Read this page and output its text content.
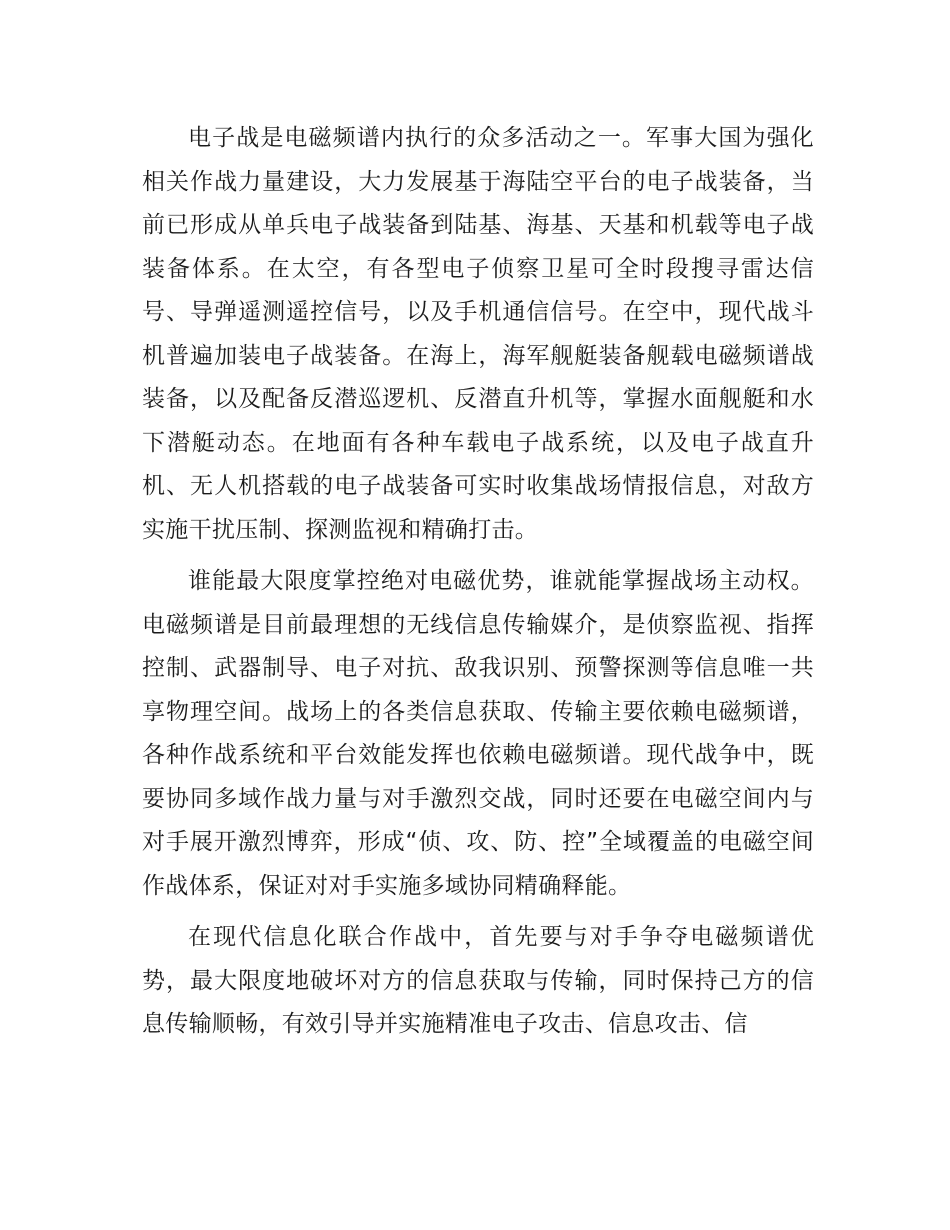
电子战是电磁频谱内执行的众多活动之一。军事大国为强化相关作战力量建设，大力发展基于海陆空平台的电子战装备，当前已形成从单兵电子战装备到陆基、海基、天基和机载等电子战装备体系。在太空，有各型电子侦察卫星可全时段搜寻雷达信号、导弹遥测遥控信号，以及手机通信信号。在空中，现代战斗机普遍加装电子战装备。在海上，海军舰艇装备舰载电磁频谱战装备，以及配备反潜巡逻机、反潜直升机等，掌握水面舰艇和水下潜艇动态。在地面有各种车载电子战系统，以及电子战直升机、无人机搭载的电子战装备可实时收集战场情报信息，对敌方实施干扰压制、探测监视和精确打击。

谁能最大限度掌控绝对电磁优势，谁就能掌握战场主动权。电磁频谱是目前最理想的无线信息传输媒介，是侦察监视、指挥控制、武器制导、电子对抗、敌我识别、预警探测等信息唯一共享物理空间。战场上的各类信息获取、传输主要依赖电磁频谱，各种作战系统和平台效能发挥也依赖电磁频谱。现代战争中，既要协同多域作战力量与对手激烈交战，同时还要在电磁空间内与对手展开激烈博弈，形成“侦、攻、防、控”全域覆盖的电磁空间作战体系，保证对对手实施多域协同精确释能。

在现代信息化联合作战中，首先要与对手争夺电磁频谱优势，最大限度地破坏对方的信息获取与传输，同时保持己方的信息传输顺畅，有效引导并实施精准电子攻击、信息攻击、信
